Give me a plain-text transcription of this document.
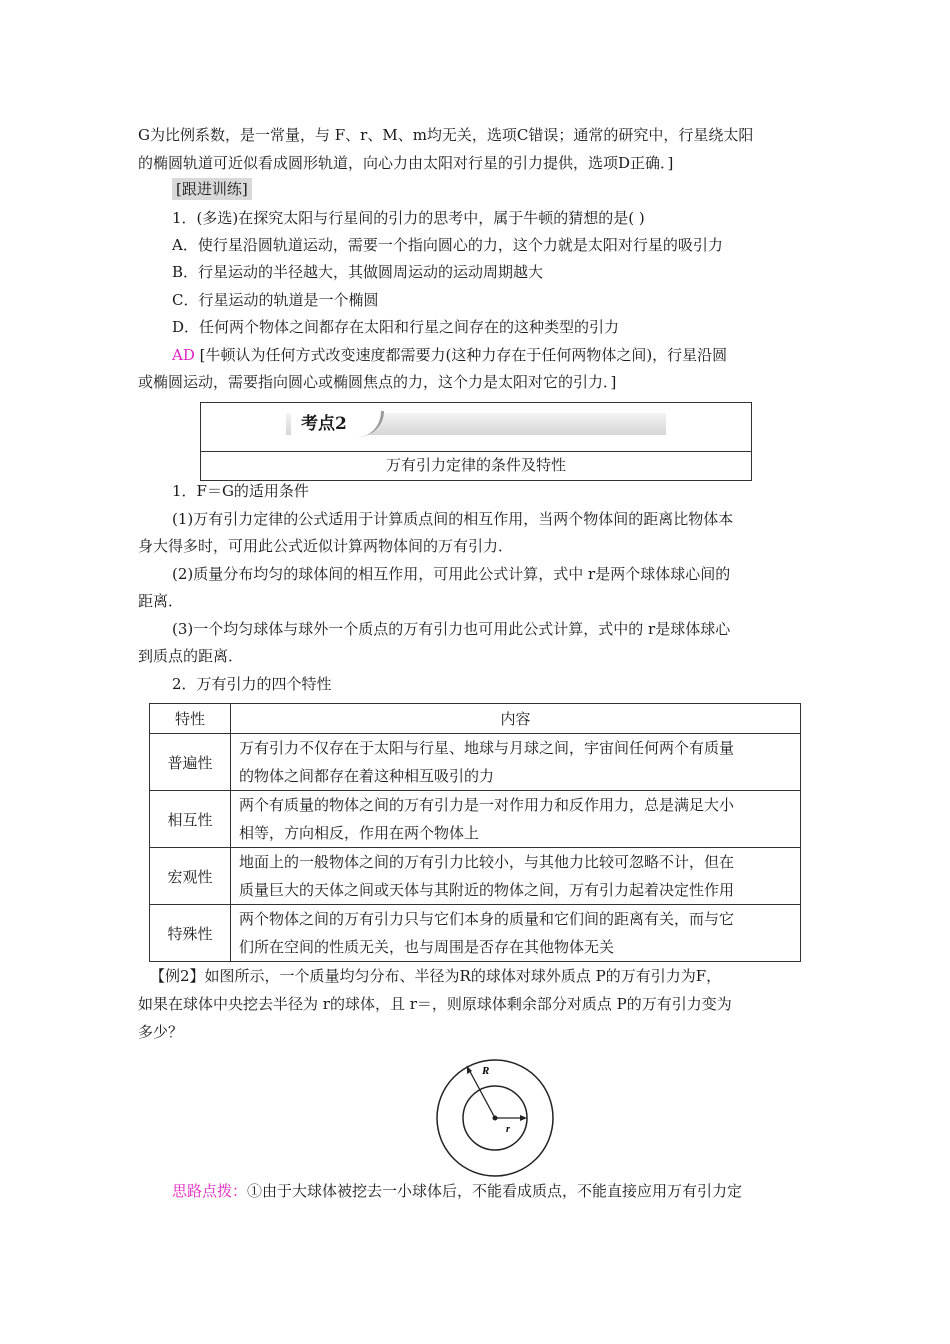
G为比例系数，是一常量，与 F、r、M、m均无关，选项C错误；通常的研究中，行星绕太阳
的椭圆轨道可近似看成圆形轨道，向心力由太阳对行星的引力提供，选项D正确．]
[跟进训练]
1．(多选)在探究太阳与行星间的引力的思考中，属于牛顿的猜想的是( )
A．使行星沿圆轨道运动，需要一个指向圆心的力，这个力就是太阳对行星的吸引力
B．行星运动的半径越大，其做圆周运动的运动周期越大
C．行星运动的轨道是一个椭圆
D．任何两个物体之间都存在太阳和行星之间存在的这种类型的引力
AD [牛顿认为任何方式改变速度都需要力(这种力存在于任何两物体之间)，行星沿圆
或椭圆运动，需要指向圆心或椭圆焦点的力，这个力是太阳对它的引力．]
考点2
万有引力定律的条件及特性
1．F＝G的适用条件
(1)万有引力定律的公式适用于计算质点间的相互作用，当两个物体间的距离比物体本
身大得多时，可用此公式近似计算两物体间的万有引力．
(2)质量分布均匀的球体间的相互作用，可用此公式计算，式中 r是两个球体球心间的
距离．
(3)一个均匀球体与球外一个质点的万有引力也可用此公式计算，式中的 r是球体球心
到质点的距离．
2．万有引力的四个特性
特性	内容
普遍性	万有引力不仅存在于太阳与行星、地球与月球之间，宇宙间任何两个有质量
的物体之间都存在着这种相互吸引的力
相互性	两个有质量的物体之间的万有引力是一对作用力和反作用力，总是满足大小
相等，方向相反，作用在两个物体上
宏观性	地面上的一般物体之间的万有引力比较小，与其他力比较可忽略不计，但在
质量巨大的天体之间或天体与其附近的物体之间，万有引力起着决定性作用
特殊性	两个物体之间的万有引力只与它们本身的质量和它们间的距离有关，而与它
们所在空间的性质无关，也与周围是否存在其他物体无关
【例2】如图所示，一个质量均匀分布、半径为R的球体对球外质点 P的万有引力为F，
如果在球体中央挖去半径为 r的球体，且 r＝，则原球体剩余部分对质点 P的万有引力变为
多少？
R
r
思路点拨：①由于大球体被挖去一小球体后，不能看成质点，不能直接应用万有引力定
